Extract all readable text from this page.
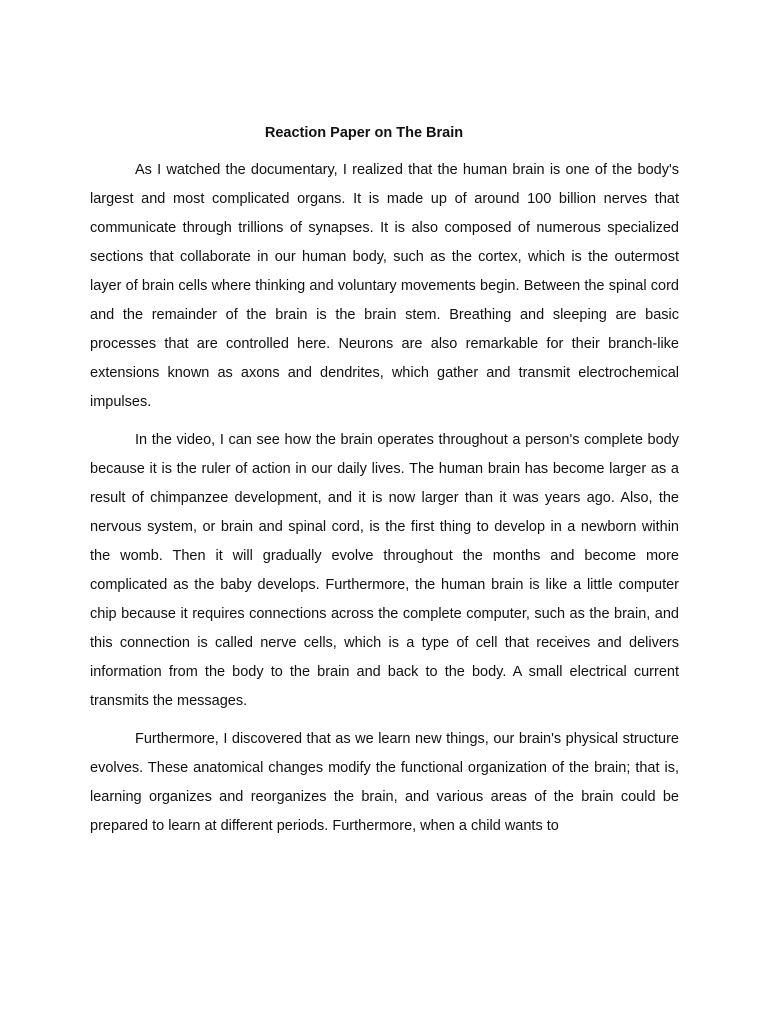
Reaction Paper on The Brain

As I watched the documentary, I realized that the human brain is one of the body's largest and most complicated organs. It is made up of around 100 billion nerves that communicate through trillions of synapses. It is also composed of numerous specialized sections that collaborate in our human body, such as the cortex, which is the outermost layer of brain cells where thinking and voluntary movements begin. Between the spinal cord and the remainder of the brain is the brain stem. Breathing and sleeping are basic processes that are controlled here. Neurons are also remarkable for their branch-like extensions known as axons and dendrites, which gather and transmit electrochemical impulses.

In the video, I can see how the brain operates throughout a person's complete body because it is the ruler of action in our daily lives. The human brain has become larger as a result of chimpanzee development, and it is now larger than it was years ago. Also, the nervous system, or brain and spinal cord, is the first thing to develop in a newborn within the womb. Then it will gradually evolve throughout the months and become more complicated as the baby develops. Furthermore, the human brain is like a little computer chip because it requires connections across the complete computer, such as the brain, and this connection is called nerve cells, which is a type of cell that receives and delivers information from the body to the brain and back to the body. A small electrical current transmits the messages.

Furthermore, I discovered that as we learn new things, our brain's physical structure evolves. These anatomical changes modify the functional organization of the brain; that is, learning organizes and reorganizes the brain, and various areas of the brain could be prepared to learn at different periods. Furthermore, when a child wants to
